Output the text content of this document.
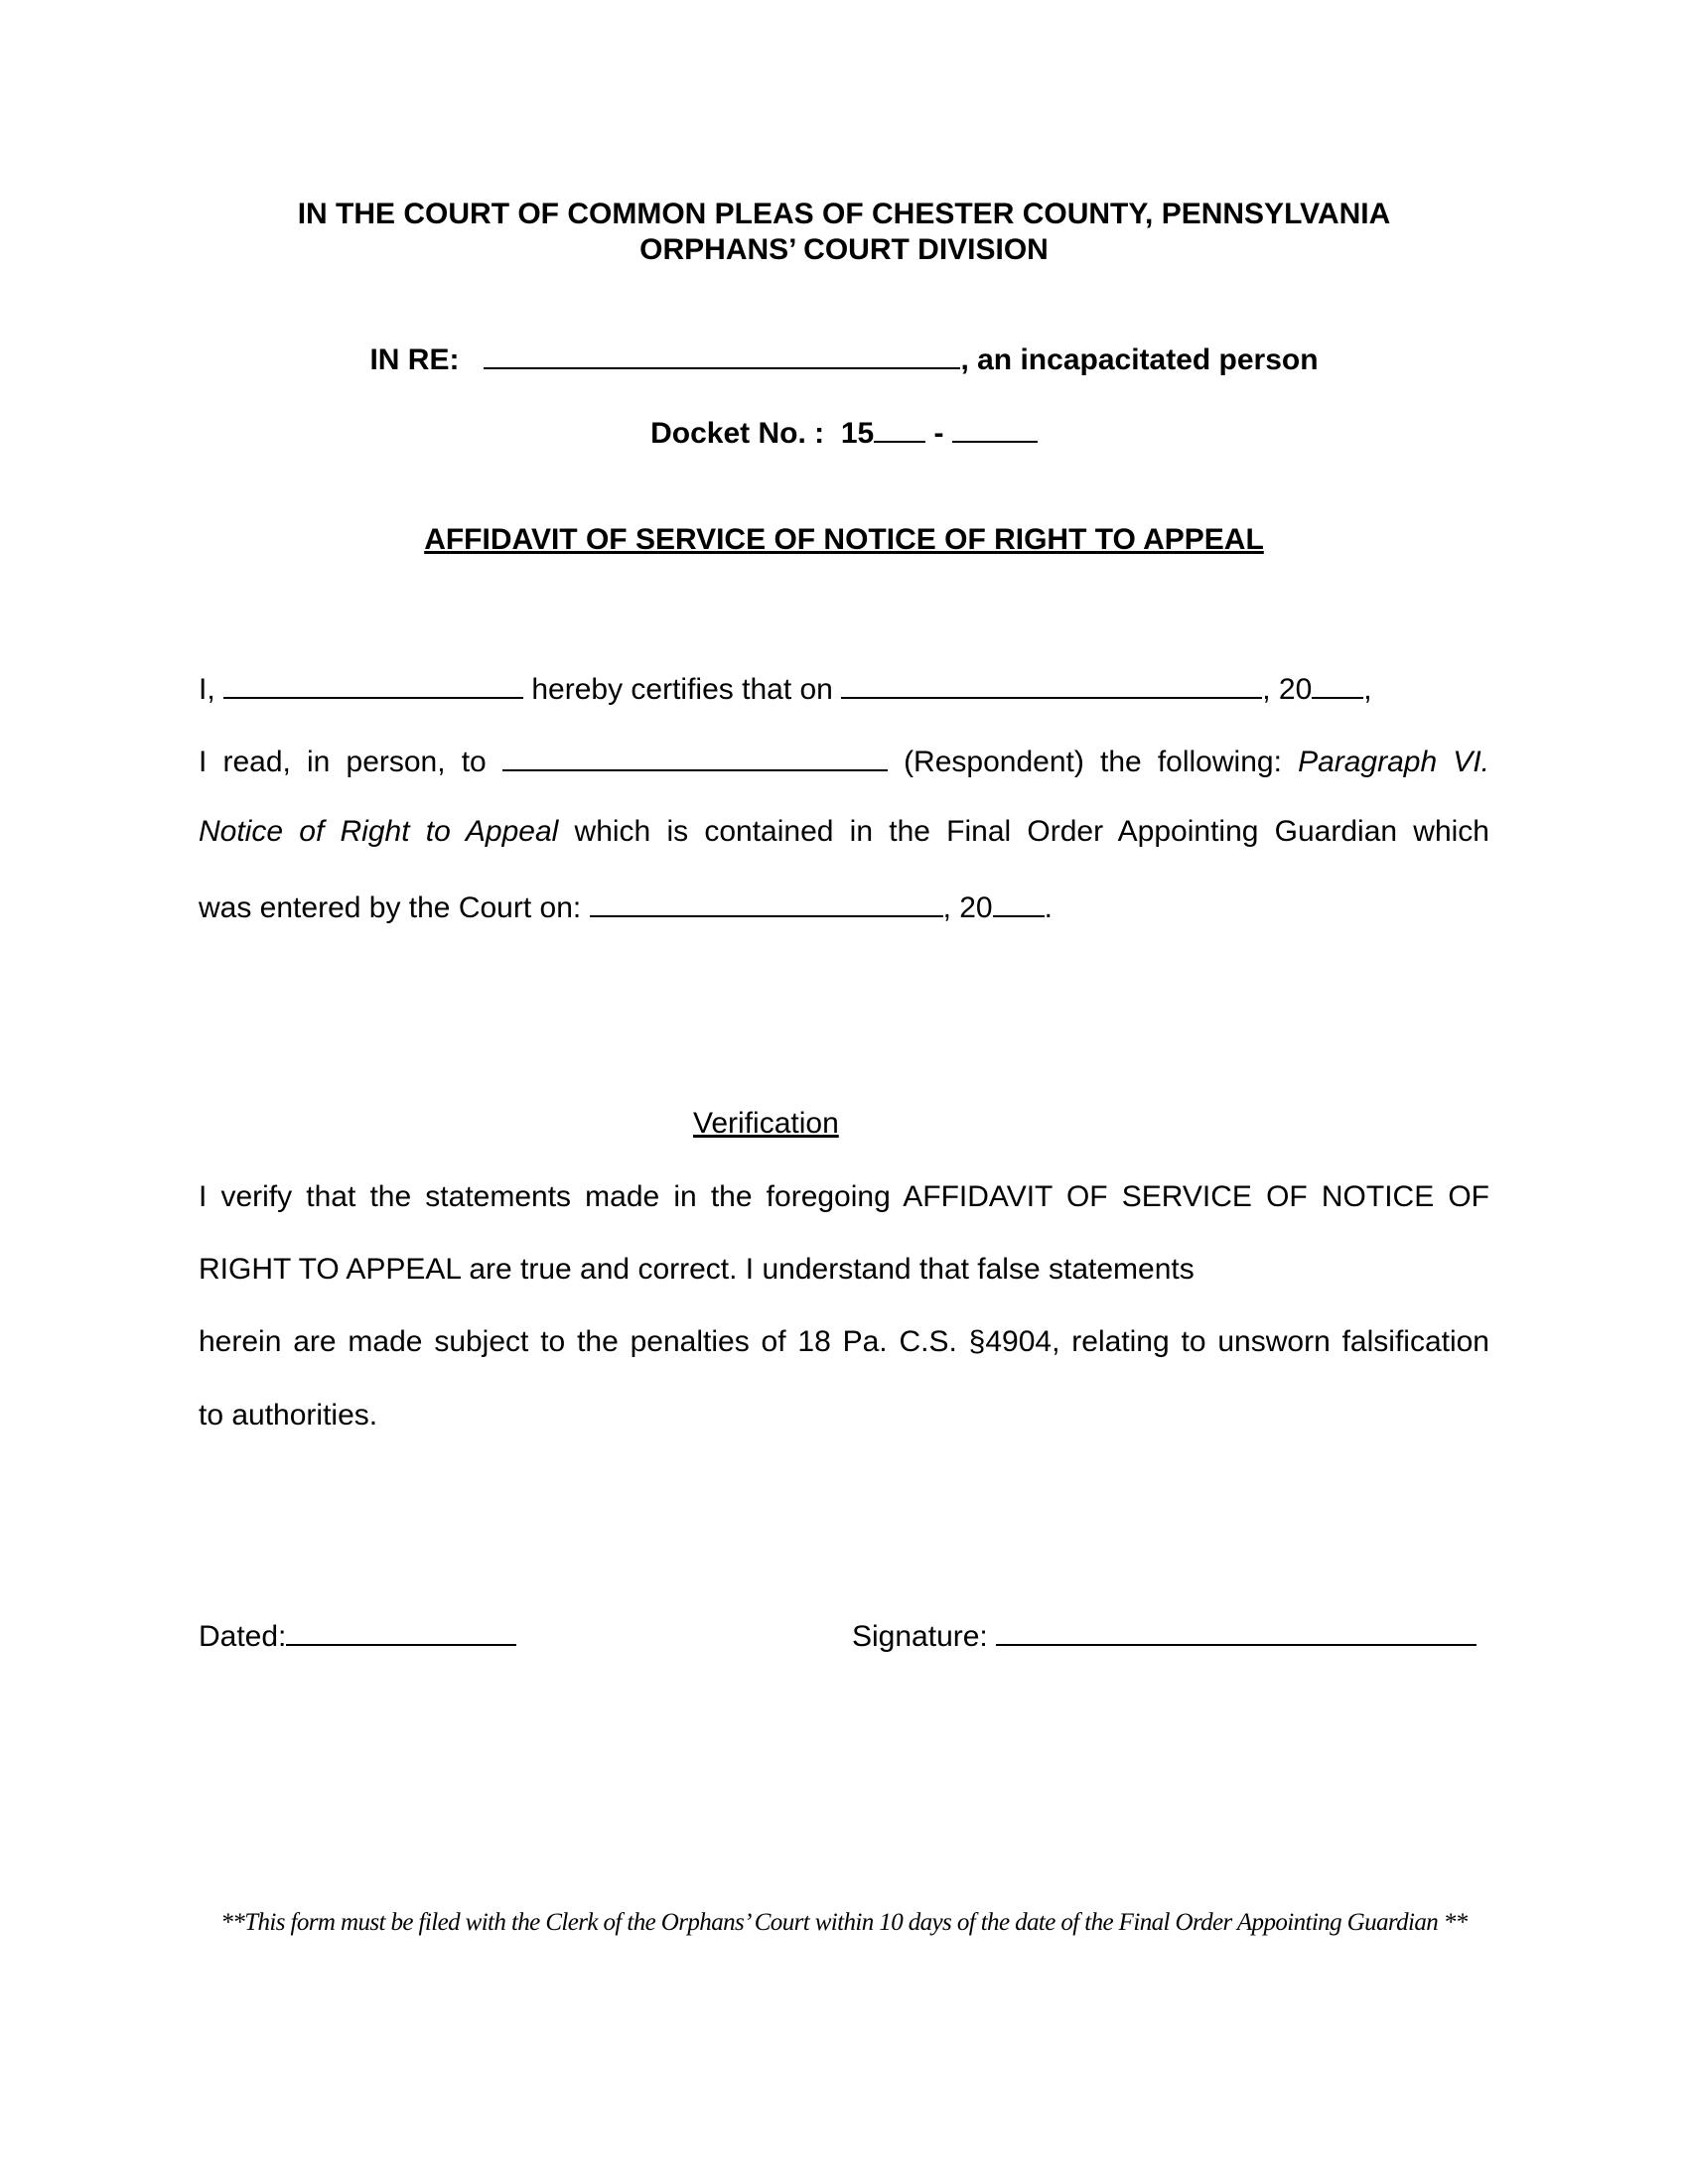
IN THE COURT OF COMMON PLEAS OF CHESTER COUNTY, PENNSYLVANIA
ORPHANS’ COURT DIVISION
IN RE:	, an incapacitated person
Docket No. : 15 -
AFFIDAVIT OF SERVICE OF NOTICE OF RIGHT TO APPEAL
I,	hereby certifies that on	, 20 ,
I read, in person, to	(Respondent) the following: Paragraph VI.
Notice of Right to Appeal which is contained in the Final Order Appointing Guardian which
was entered by the Court on:	, 20 .
Verification
I verify that the statements made in the foregoing AFFIDAVIT OF SERVICE OF NOTICE OF
RIGHT TO APPEAL are true and correct. I understand that false statements
herein are made subject to the penalties of 18 Pa. C.S. §4904, relating to unsworn falsification
to authorities.
Dated:	Signature:
**This form must be filed with the Clerk of the Orphans’ Court within 10 days of the date of the Final Order Appointing Guardian **
